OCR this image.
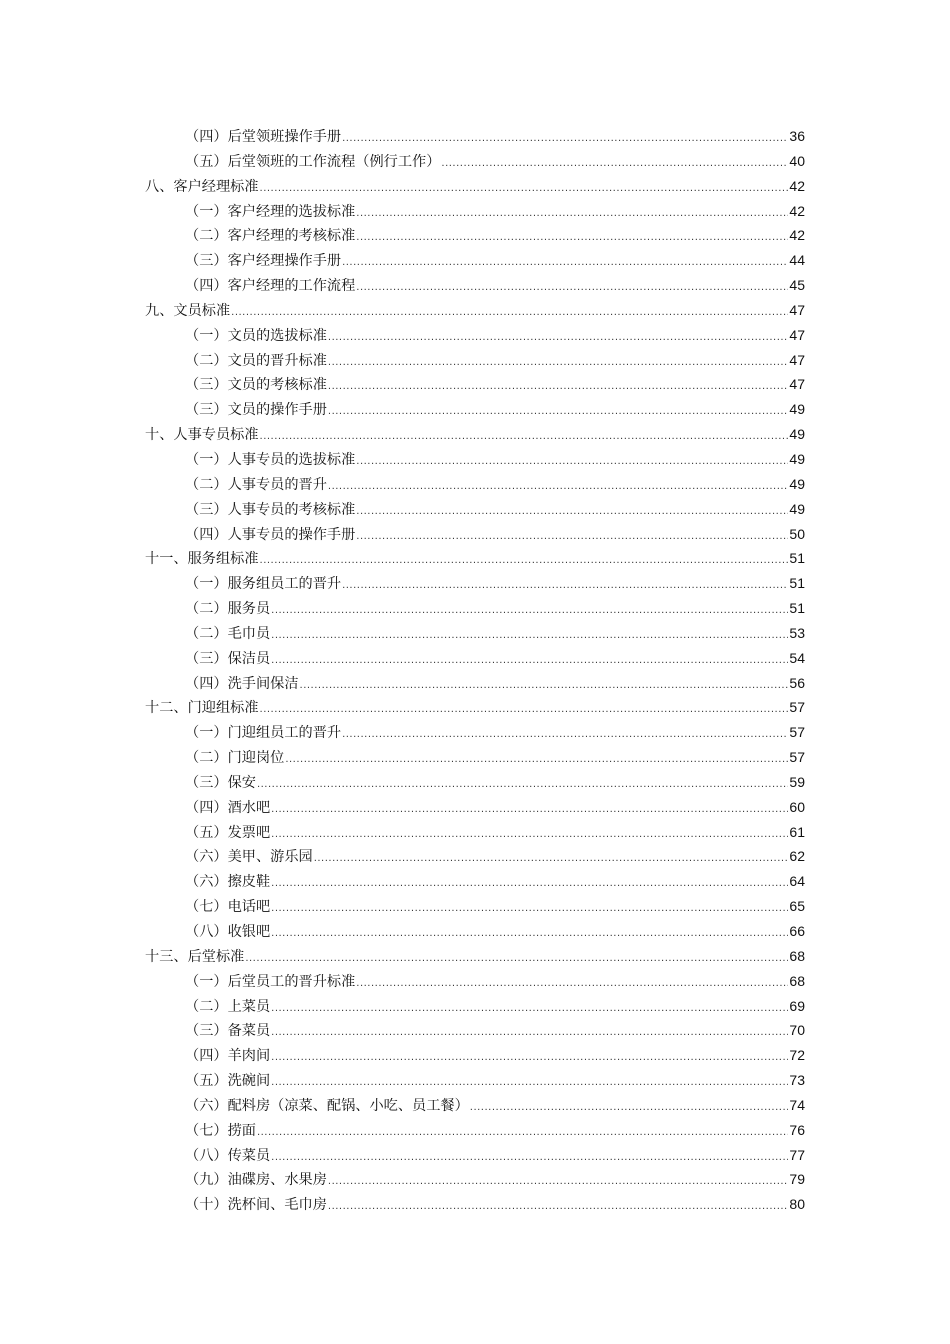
（四）后堂领班操作手册 .....	36
（五）后堂领班的工作流程（例行工作） .....	40
八、客户经理标准 .....	42
（一）客户经理的选拔标准 .....	42
（二）客户经理的考核标准 .....	42
（三）客户经理操作手册 .....	44
（四）客户经理的工作流程 .....	45
九、文员标准 .....	47
（一）文员的选拔标准 .....	47
（二）文员的晋升标准 .....	47
（三）文员的考核标准 .....	47
（三）文员的操作手册 .....	49
十、人事专员标准 .....	49
（一）人事专员的选拔标准 .....	49
（二）人事专员的晋升 .....	49
（三）人事专员的考核标准 .....	49
（四）人事专员的操作手册 .....	50
十一、服务组标准 .....	51
（一）服务组员工的晋升 .....	51
（二）服务员 .....	51
（二）毛巾员 .....	53
（三）保洁员 .....	54
（四）洗手间保洁 .....	56
十二、门迎组标准 .....	57
（一）门迎组员工的晋升 .....	57
（二）门迎岗位 .....	57
（三）保安 .....	59
（四）酒水吧 .....	60
（五）发票吧 .....	61
（六）美甲、游乐园 .....	62
（六）擦皮鞋 .....	64
（七）电话吧 .....	65
（八）收银吧 .....	66
十三、后堂标准 .....	68
（一）后堂员工的晋升标准 .....	68
（二）上菜员 .....	69
（三）备菜员 .....	70
（四）羊肉间 .....	72
（五）洗碗间 .....	73
（六）配料房（凉菜、配锅、小吃、员工餐） .....	74
（七）捞面 .....	76
（八）传菜员 .....	77
（九）油碟房、水果房 .....	79
（十）洗杯间、毛巾房 .....	80
